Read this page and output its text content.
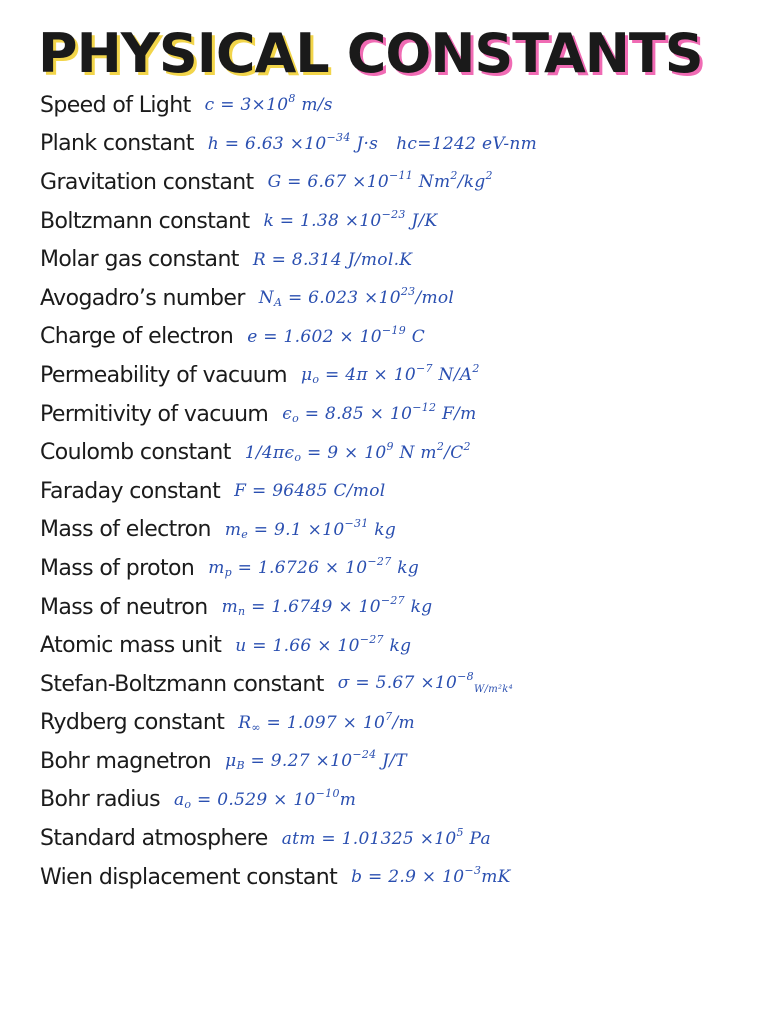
PHYSICAL CONSTANTS
Speed of Light $c = 3\times 10^8$ m/s
Plank constant $h = 6.63 \times 10^{-34}$ J·s hc=1242 eV-nm
Gravitation constant $G = 6.67 \times 10^{-11}$ $Nm^2/kg^2$
Boltzmann constant $k = 1.38 \times 10^{-23}$ J/K
Molar gas constant R = 8.314 J/mol.K
Avogadro’s number $N_A = 6.023 \times 10^{23}/mol$
Charge of electron $e = 1.602 \times 10^{-19}$ C
Permeability of vacuum $\mu_o = 4\pi \times 10^{-7}$ $N/A^2$
Permitivity of vacuum $\epsilon_o = 8.85 \times 10^{-12}$ F/m
Coulomb constant $1/4\pi\epsilon_o = 9 \times 10^9$ N $m^2/C^2$
Faraday constant F = 96485 C/mol
Mass of electron $m_e = 9.1 \times 10^{-31}$ kg
Mass of proton $m_p = 1.6726 \times 10^{-27}$ kg
Mass of neutron $m_n = 1.6749 \times 10^{-27}$ kg
Atomic mass unit $u = 1.66 \times 10^{-27}$ kg
Stefan-Boltzmann constant $\sigma = 5.67 \times 10^{-8}_{W/m^2k^4}$
Rydberg constant $R_\infty = 1.097 \times 10^7/m$
Bohr magnetron $\mu_B = 9.27 \times 10^{-24}$ J/T
Bohr radius $a_o = 0.529 \times 10^{-10}m$
Standard atmosphere atm = $1.01325 \times 10^5$ Pa
Wien displacement constant $b = 2.9 \times 10^{-3}mK$
